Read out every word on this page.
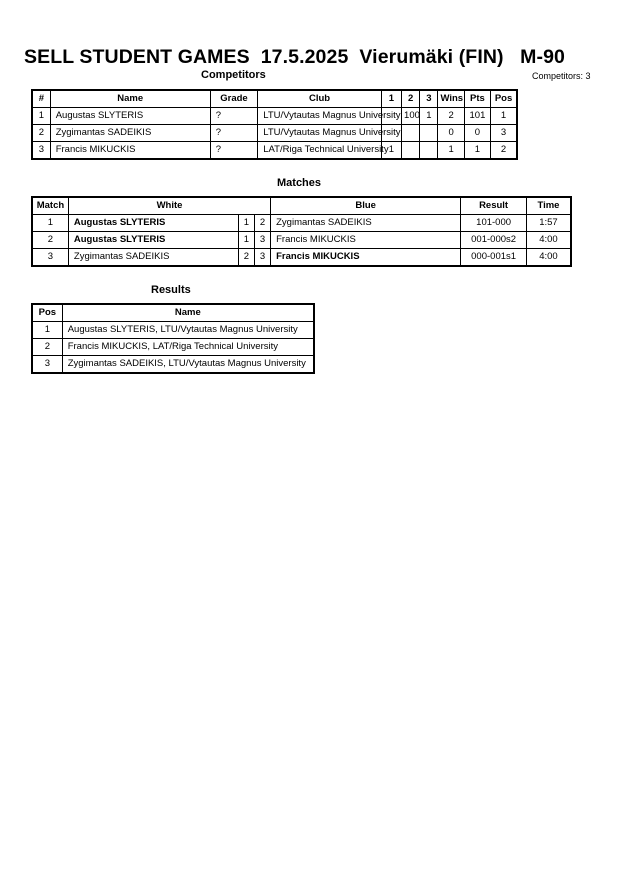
SELL STUDENT GAMES  17.5.2025  Vierumäki (FIN)   M-90
Competitors	Competitors: 3
#	Name	Grade	Club	1	2	3	Wins	Pts	Pos
1	Augustas SLYTERIS	?	LTU/Vytautas Magnus University		100	1	2	101	1
2	Zygimantas SADEIKIS	?	LTU/Vytautas Magnus University				0	0	3
3	Francis MIKUCKIS	?	LAT/Riga Technical University	1			1	1	2
Matches
Match	White			Blue	Result	Time
1	Augustas SLYTERIS	1	2	Zygimantas SADEIKIS	101-000	1:57
2	Augustas SLYTERIS	1	3	Francis MIKUCKIS	001-000s2	4:00
3	Zygimantas SADEIKIS	2	3	Francis MIKUCKIS	000-001s1	4:00
Results
Pos	Name
1	Augustas SLYTERIS, LTU/Vytautas Magnus University
2	Francis MIKUCKIS, LAT/Riga Technical University
3	Zygimantas SADEIKIS, LTU/Vytautas Magnus University
